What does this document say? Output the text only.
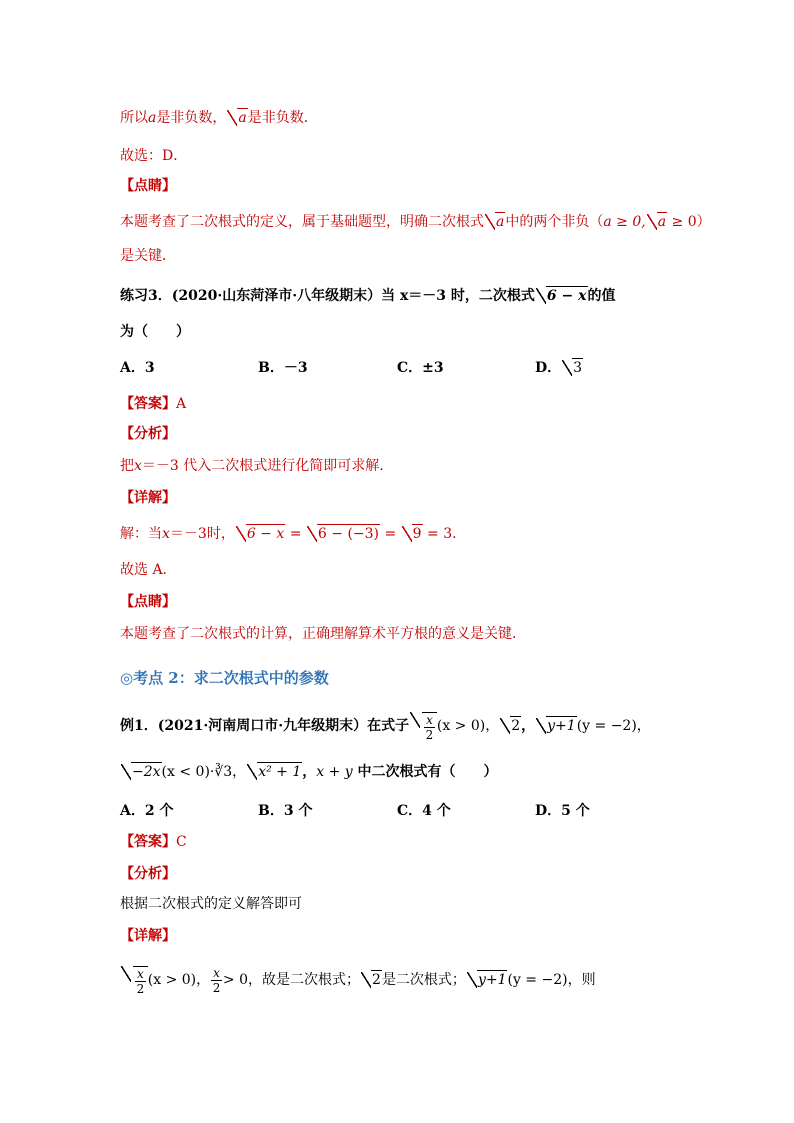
所以a是非负数， a是非负数．
故选：D．
【点睛】
本题考查了二次根式的定义，属于基础题型，明确二次根式 a中的两个非负（a ≥ 0, a ≥ 0）
是关键．
练习3．(2020·山东菏泽市·八年级期末）当 x＝－3 时，二次根式 6 − x的值
为（　　）
A．3	B．－3	C．±3	D． 3
【答案】A
【分析】
把x＝－3 代入二次根式进行化简即可求解.
【详解】
解：当x＝－3时， 6 − x = 6 − (−3) = 9 = 3.
故选 A.
【点睛】
本题考查了二次根式的计算，正确理解算术平方根的意义是关键.
◎考点 2：求二次根式中的参数
例1．(2021·河南周口市·九年级期末）在式子 $\frac{x}{2} (x > 0)$， 2 ， y+1 (y = −2)，
−2x(x < 0)·∛3， x² + 1，x + y 中二次根式有（　　）
A．2 个	B．3 个	C．4 个	D．5 个
【答案】C
【分析】
根据二次根式的定义解答即可
【详解】
$\frac{x}{2} (x > 0)$， $\frac{x}{2} > 0$，故是二次根式； 2 是二次根式； y+1 (y = −2)，则
